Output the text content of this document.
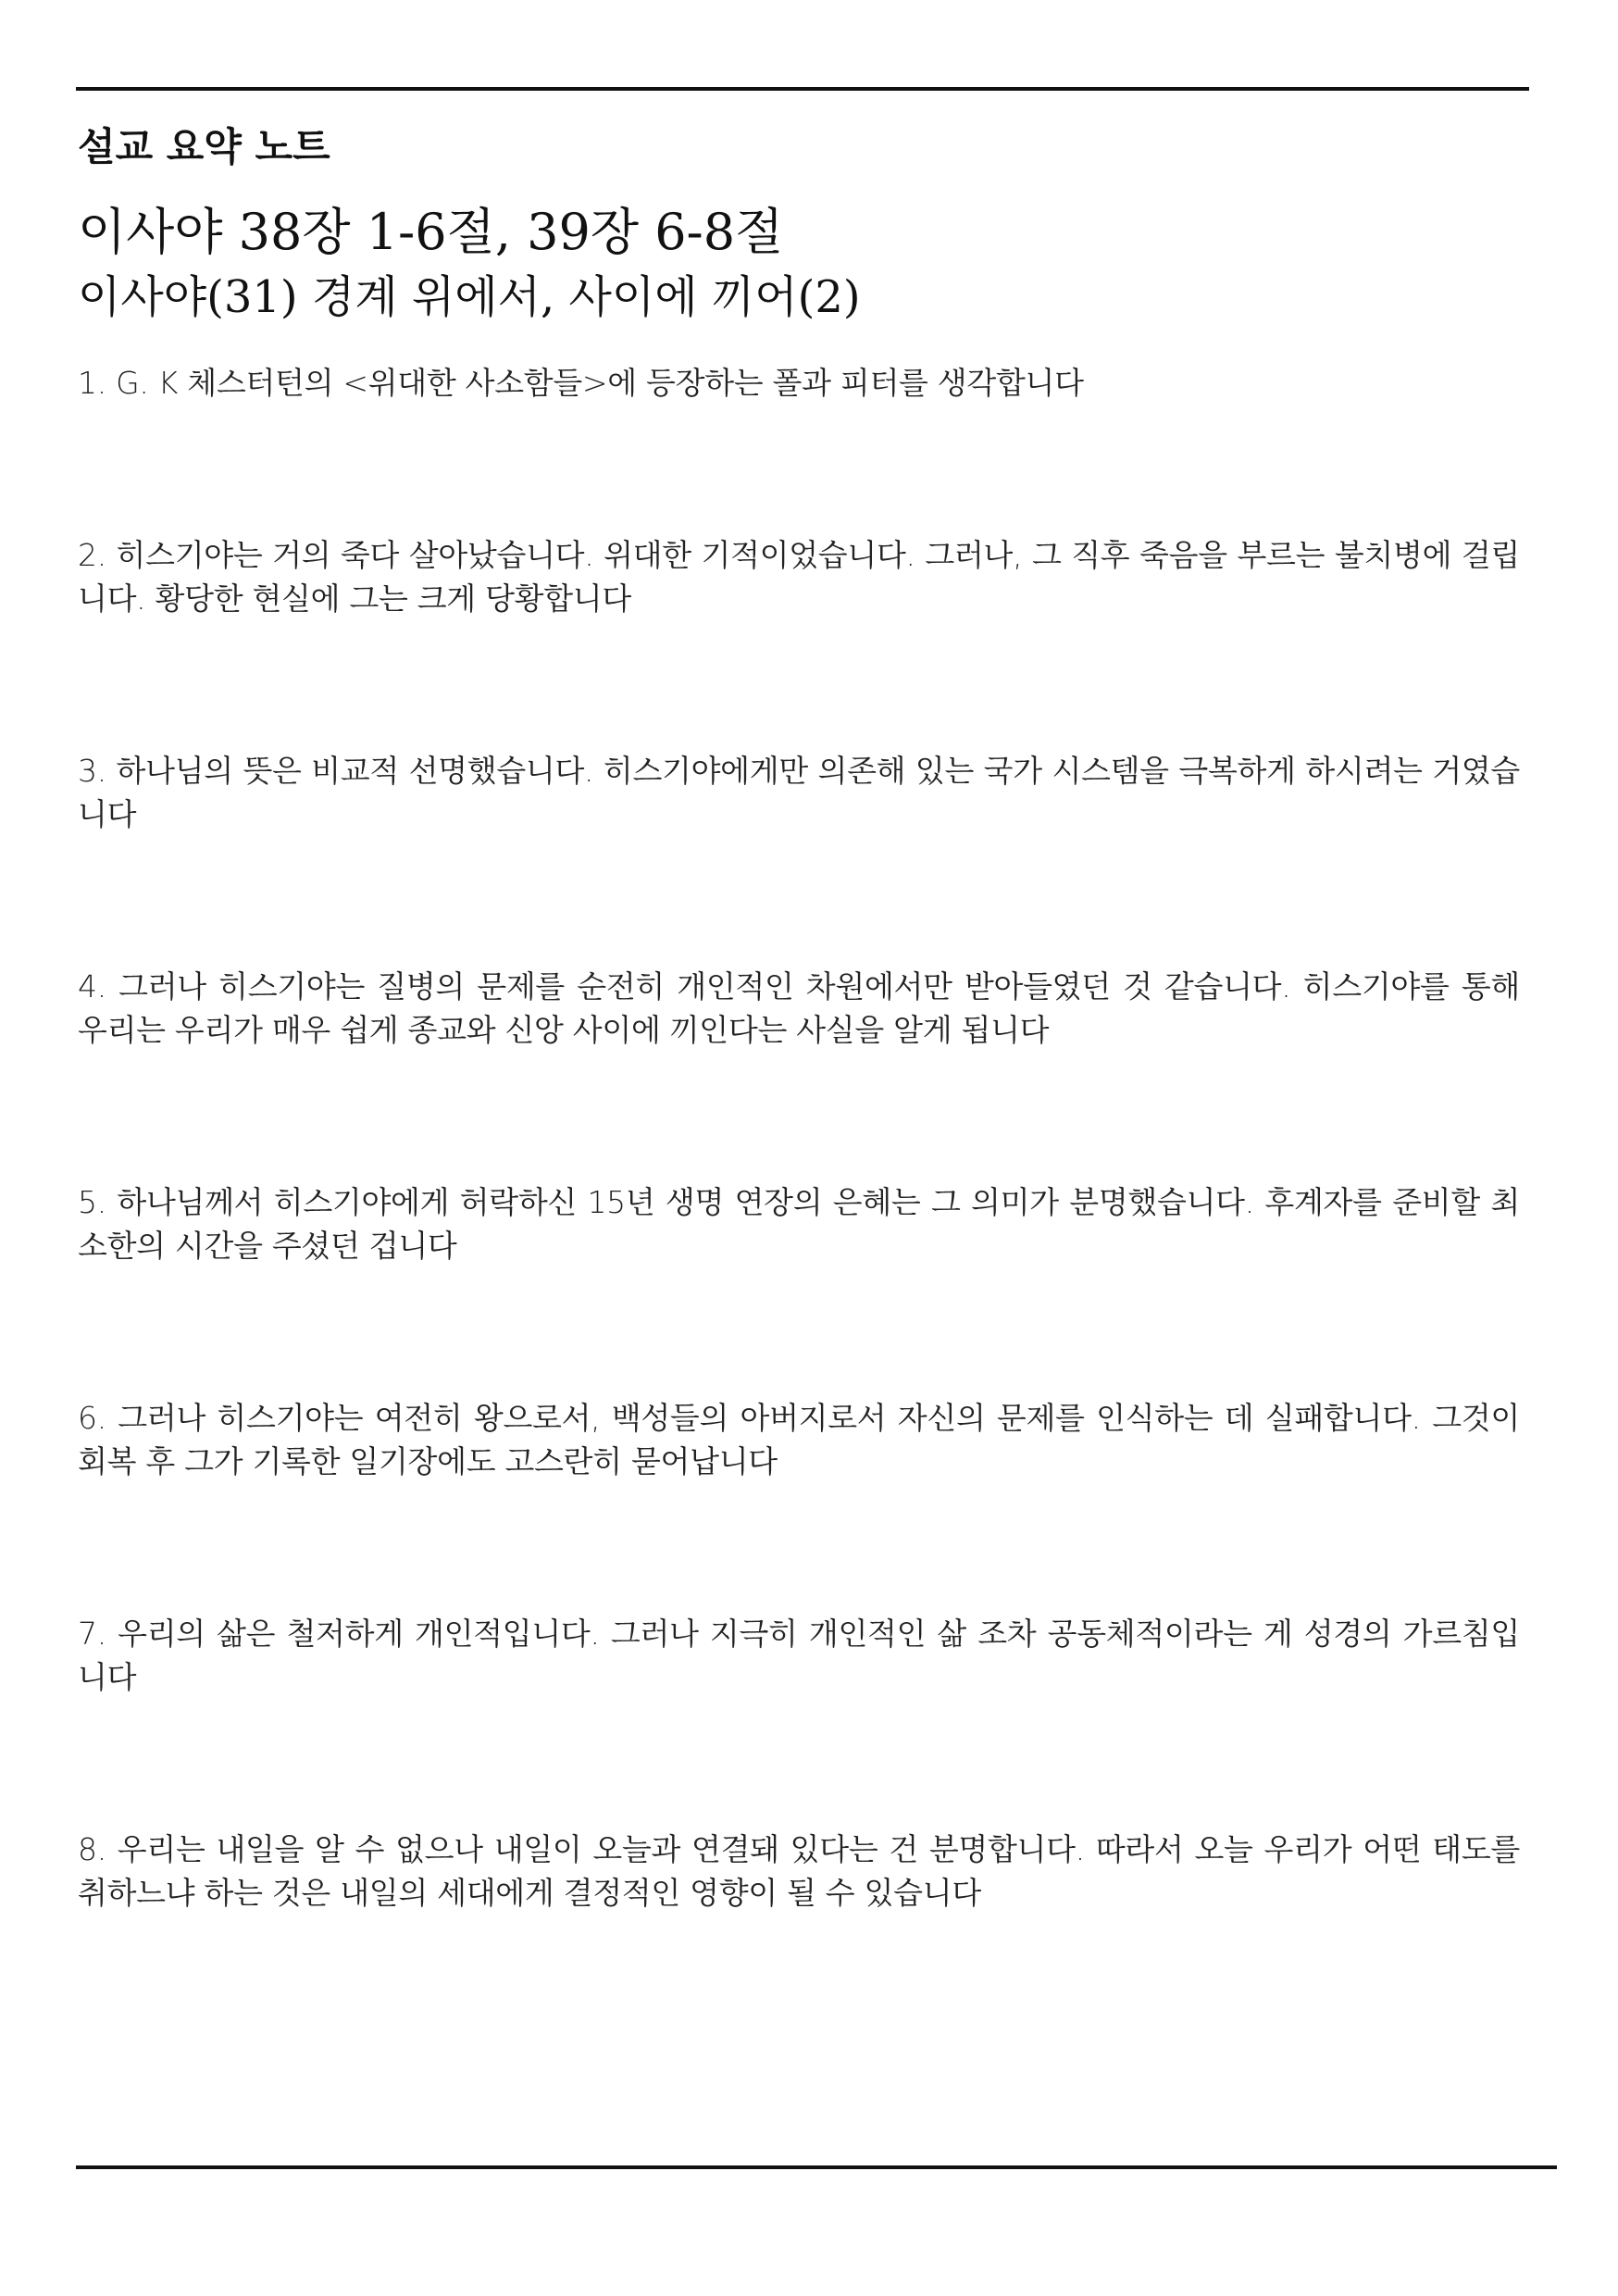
설교 요약 노트
이사야 38장 1-6절, 39장 6-8절
이사야(31) 경계 위에서, 사이에 끼어(2)
1. G. K 체스터턴의 <위대한 사소함들>에 등장하는 폴과 피터를 생각합니다
2. 히스기야는 거의 죽다 살아났습니다. 위대한 기적이었습니다. 그러나, 그 직후 죽음을 부르는 불치병에 걸립니다. 황당한 현실에 그는 크게 당황합니다
3. 하나님의 뜻은 비교적 선명했습니다. 히스기야에게만 의존해 있는 국가 시스템을 극복하게 하시려는 거였습니다
4. 그러나 히스기야는 질병의 문제를 순전히 개인적인 차원에서만 받아들였던 것 같습니다. 히스기야를 통해 우리는 우리가 매우 쉽게 종교와 신앙 사이에 끼인다는 사실을 알게 됩니다
5. 하나님께서 히스기야에게 허락하신 15년 생명 연장의 은혜는 그 의미가 분명했습니다. 후계자를 준비할 최소한의 시간을 주셨던 겁니다
6. 그러나 히스기야는 여전히 왕으로서, 백성들의 아버지로서 자신의 문제를 인식하는 데 실패합니다. 그것이 회복 후 그가 기록한 일기장에도 고스란히 묻어납니다
7. 우리의 삶은 철저하게 개인적입니다. 그러나 지극히 개인적인 삶 조차 공동체적이라는 게 성경의 가르침입니다
8. 우리는 내일을 알 수 없으나 내일이 오늘과 연결돼 있다는 건 분명합니다. 따라서 오늘 우리가 어떤 태도를 취하느냐 하는 것은 내일의 세대에게 결정적인 영향이 될 수 있습니다
